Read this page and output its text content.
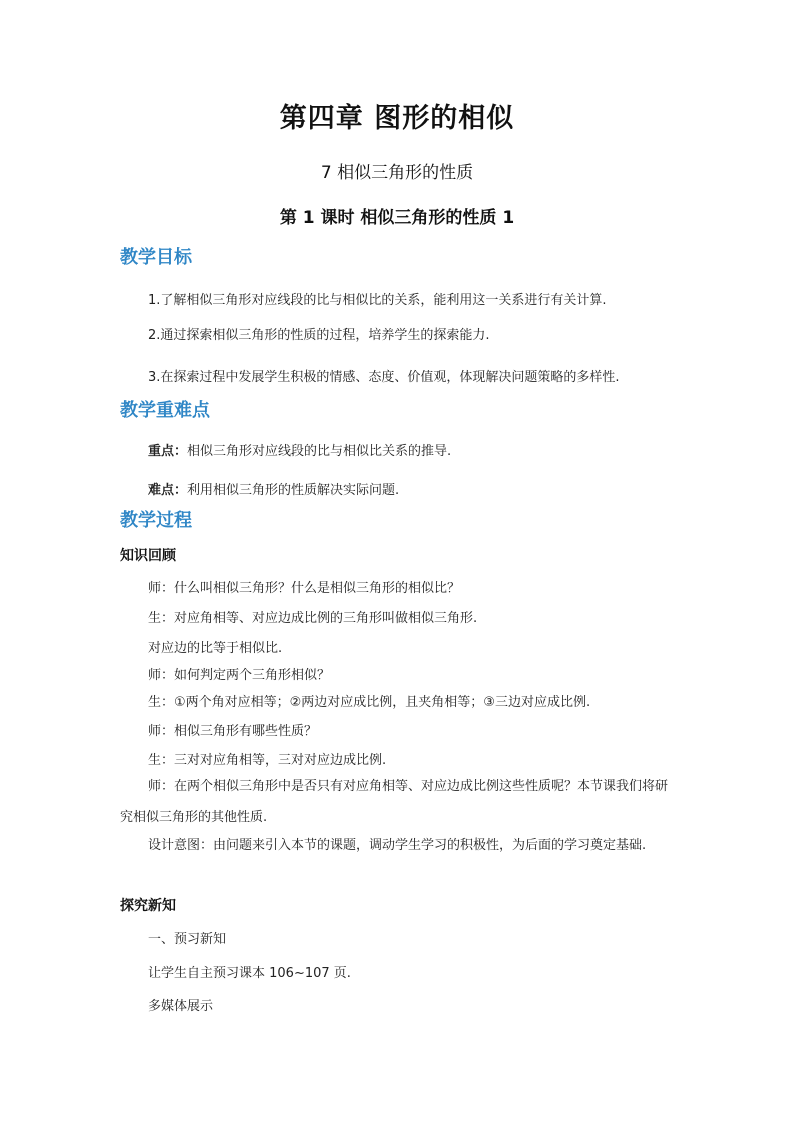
第四章 图形的相似
7 相似三角形的性质
第 1 课时 相似三角形的性质 1
教学目标
1.了解相似三角形对应线段的比与相似比的关系，能利用这一关系进行有关计算.
2.通过探索相似三角形的性质的过程，培养学生的探索能力.
3.在探索过程中发展学生积极的情感、态度、价值观，体现解决问题策略的多样性.
教学重难点
重点：相似三角形对应线段的比与相似比关系的推导.
难点：利用相似三角形的性质解决实际问题.
教学过程
知识回顾
师：什么叫相似三角形？什么是相似三角形的相似比？
生：对应角相等、对应边成比例的三角形叫做相似三角形.
对应边的比等于相似比.
师：如何判定两个三角形相似？
生：①两个角对应相等；②两边对应成比例，且夹角相等；③三边对应成比例.
师：相似三角形有哪些性质？
生：三对对应角相等，三对对应边成比例.
师：在两个相似三角形中是否只有对应角相等、对应边成比例这些性质呢？本节课我们将研究相似三角形的其他性质.
设计意图：由问题来引入本节的课题，调动学生学习的积极性，为后面的学习奠定基础.
探究新知
一、预习新知
让学生自主预习课本 106~107 页.
多媒体展示
